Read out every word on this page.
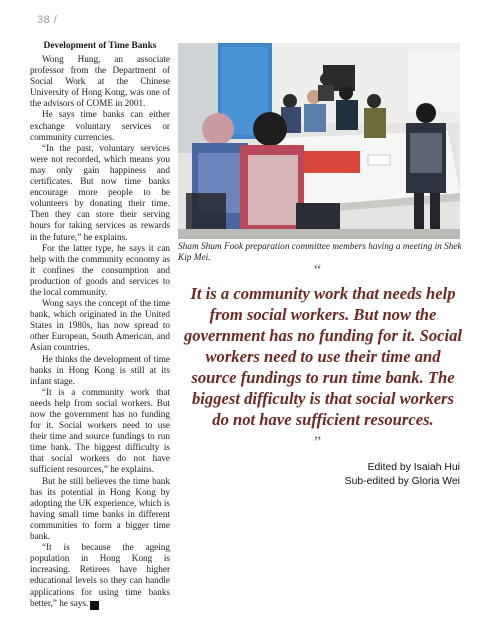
38 /
Development of Time Banks

Wong Hung, an associate professor from the Department of Social Work at the Chinese University of Hong Kong, was one of the advisors of COME in 2001.

He says time banks can either exchange voluntary services or community currencies.

“In the past, voluntary services were not recorded, which means you may only gain happiness and certificates. But now time banks encourage more people to be volunteers by donating their time. Then they can store their serving hours for taking services as rewards in the future,” he explains.

For the latter type, he says it can help with the community economy as it confines the consumption and production of goods and services to the local community.

Wong says the concept of the time bank, which originated in the United States in 1980s, has now spread to other European, South American, and Asian countries.

He thinks the development of time banks in Hong Kong is still at its infant stage.

“It is a community work that needs help from social workers. But now the government has no funding for it. Social workers need to use their time and source fundings to run time bank. The biggest difficulty is that social workers do not have sufficient resources,” he explains.

But he still believes the time bank has its potential in Hong Kong by adopting the UK experience, which is having small time banks in different communities to form a bigger time bank.

“It is because the ageing population in Hong Kong is increasing. Retirees have higher educational levels so they can handle applications for using time banks better,” he says. V

Sham Shum Fook preparation committee members having a meeting in Shek Kip Mei.
“
It is a community work that needs help from social workers. But now the government has no funding for it. Social workers need to use their time and source fundings to run time bank. The biggest difficulty is that social workers do not have sufficient resources.
”
Edited by Isaiah Hui
Sub-edited by Gloria Wei
